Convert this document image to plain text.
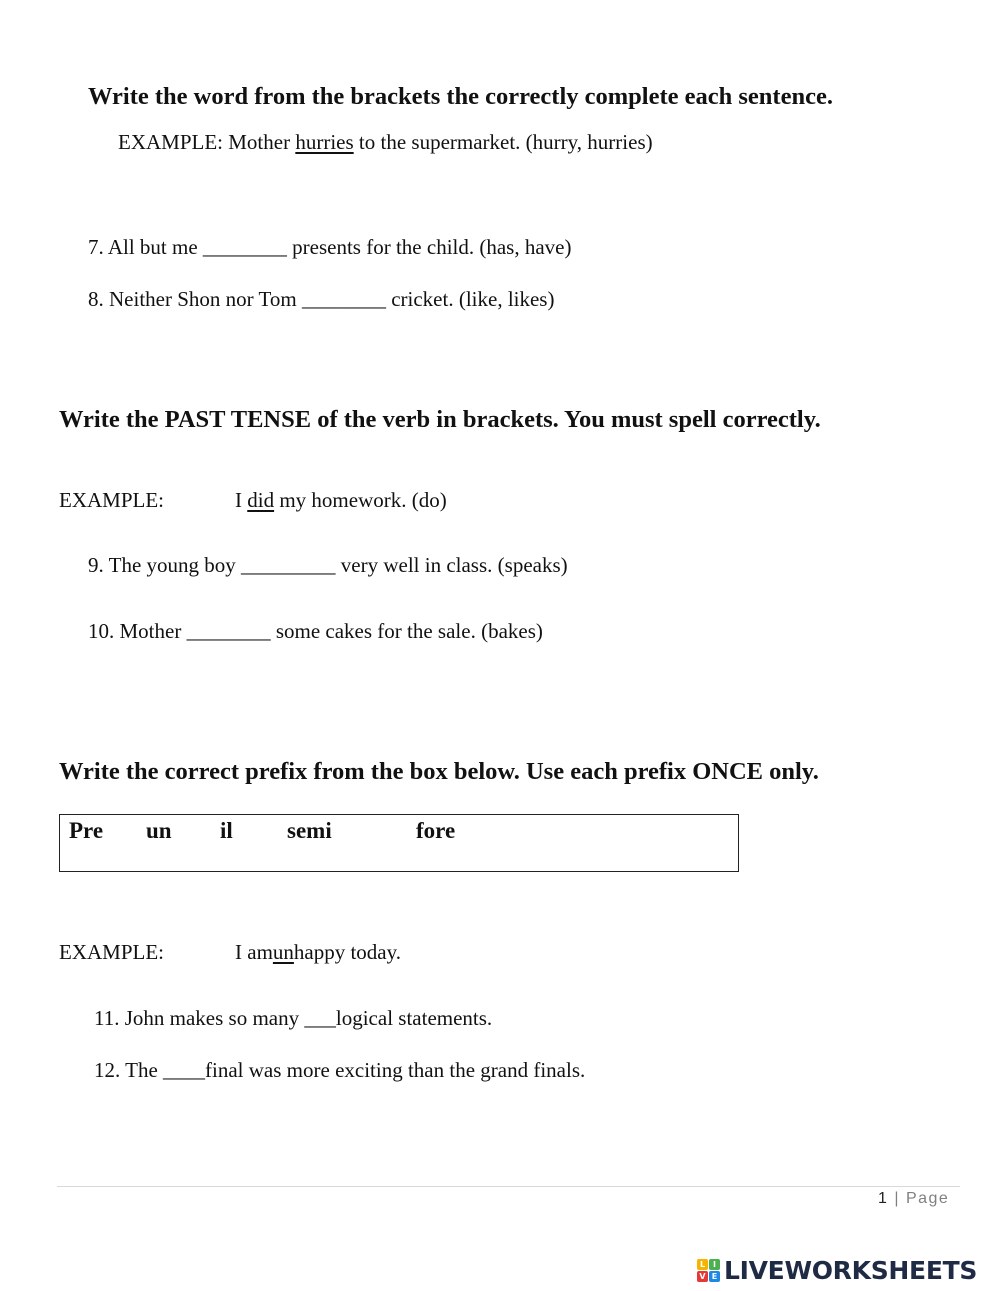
Write the word from the brackets the correctly complete each sentence.
EXAMPLE: Mother hurries to the supermarket. (hurry, hurries)
7. All but me ________ presents for the child. (has, have)
8. Neither Shon nor Tom ________ cricket. (like, likes)
Write the PAST TENSE of the verb in brackets. You must spell correctly.
EXAMPLE:	I did my homework. (do)
9. The young boy _________ very well in class. (speaks)
10. Mother ________ some cakes for the sale. (bakes)
Write the correct prefix from the box below. Use each prefix ONCE only.
Pre un il semi	fore
EXAMPLE:	I amunhappy today.
11. John makes so many ___logical statements.
12. The ____final was more exciting than the grand finals.
1 | Page
L I
V E LIVEWORKSHEETS
